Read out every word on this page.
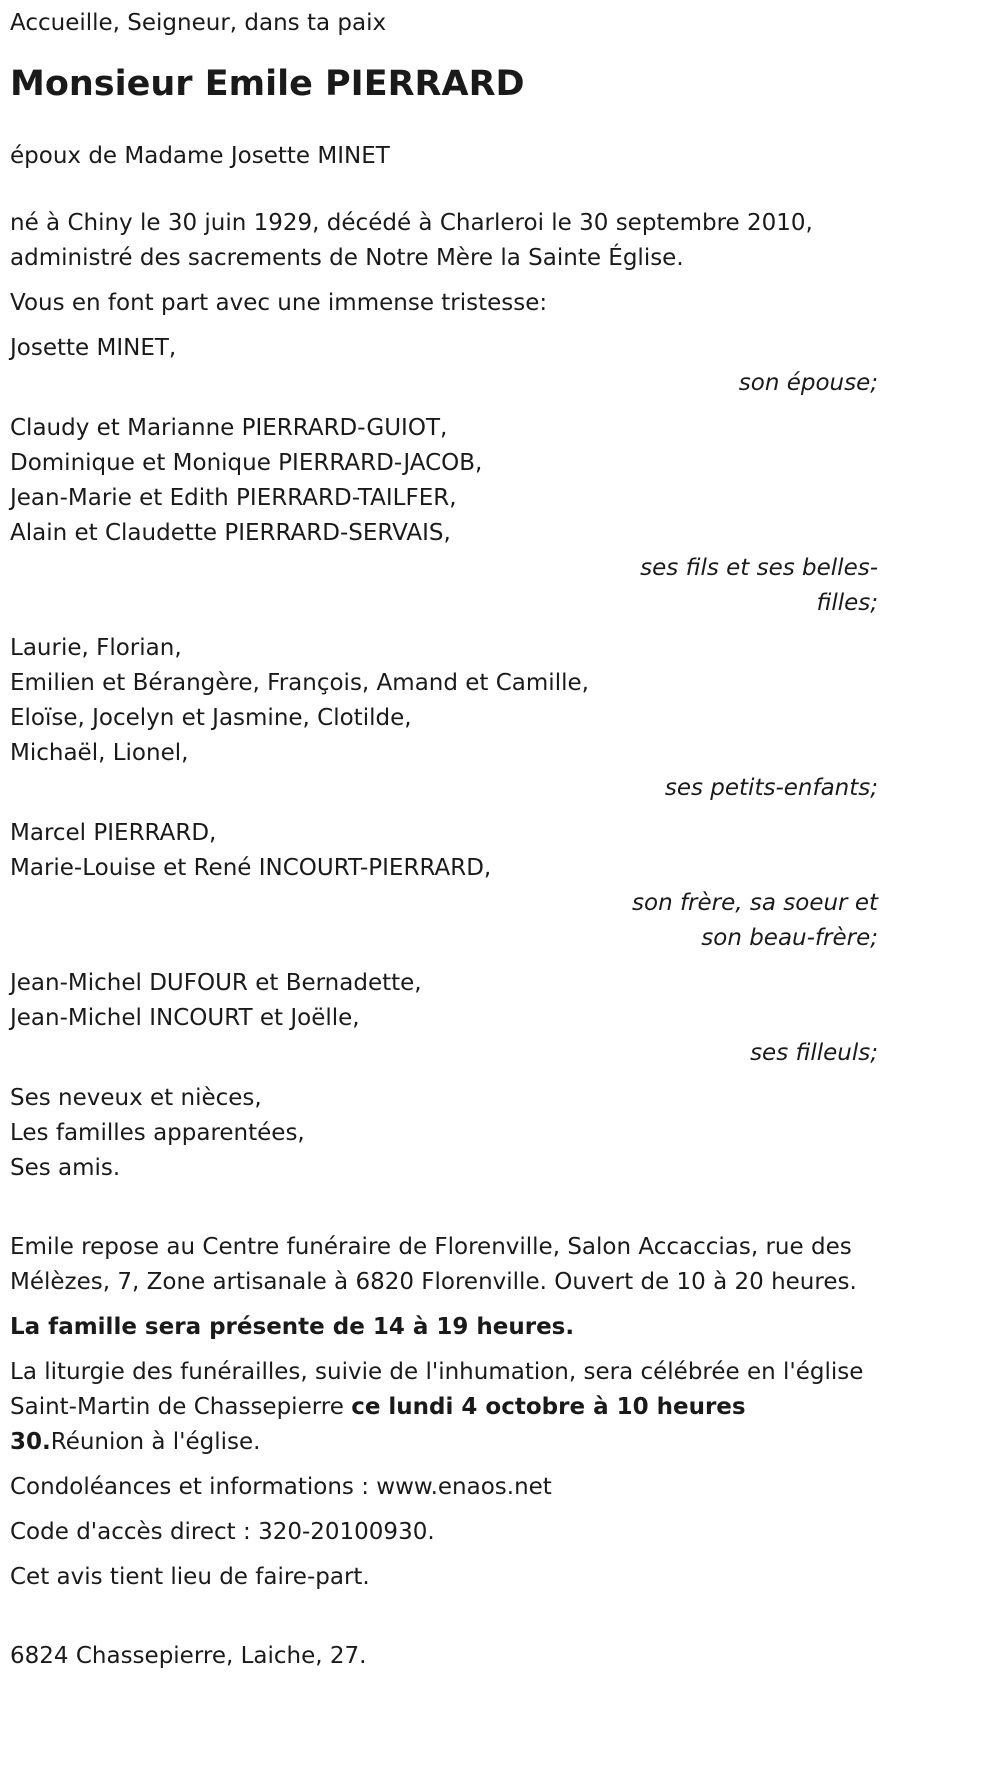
Accueille, Seigneur, dans ta paix
Monsieur Emile PIERRARD
époux de Madame Josette MINET
né à Chiny le 30 juin 1929, décédé à Charleroi le 30 septembre 2010, administré des sacrements de Notre Mère la Sainte Église.
Vous en font part avec une immense tristesse:
Josette MINET,
son épouse;
Claudy et Marianne PIERRARD-GUIOT,
Dominique et Monique PIERRARD-JACOB,
Jean-Marie et Edith PIERRARD-TAILFER,
Alain et Claudette PIERRARD-SERVAIS,
ses fils et ses belles-filles;
Laurie, Florian,
Emilien et Bérangère, François, Amand et Camille,
Eloïse, Jocelyn et Jasmine, Clotilde,
Michaël, Lionel,
ses petits-enfants;
Marcel PIERRARD,
Marie-Louise et René INCOURT-PIERRARD,
son frère, sa soeur et son beau-frère;
Jean-Michel DUFOUR et Bernadette,
Jean-Michel INCOURT et Joëlle,
ses filleuls;
Ses neveux et nièces,
Les familles apparentées,
Ses amis.
Emile repose au Centre funéraire de Florenville, Salon Accaccias, rue des Mélèzes, 7, Zone artisanale à 6820 Florenville. Ouvert de 10 à 20 heures.
La famille sera présente de 14 à 19 heures.
La liturgie des funérailles, suivie de l'inhumation, sera célébrée en l'église Saint-Martin de Chassepierre ce lundi 4 octobre à 10 heures 30.Réunion à l'église.
Condoléances et informations : www.enaos.net
Code d'accès direct : 320-20100930.
Cet avis tient lieu de faire-part.
6824 Chassepierre, Laiche, 27.
